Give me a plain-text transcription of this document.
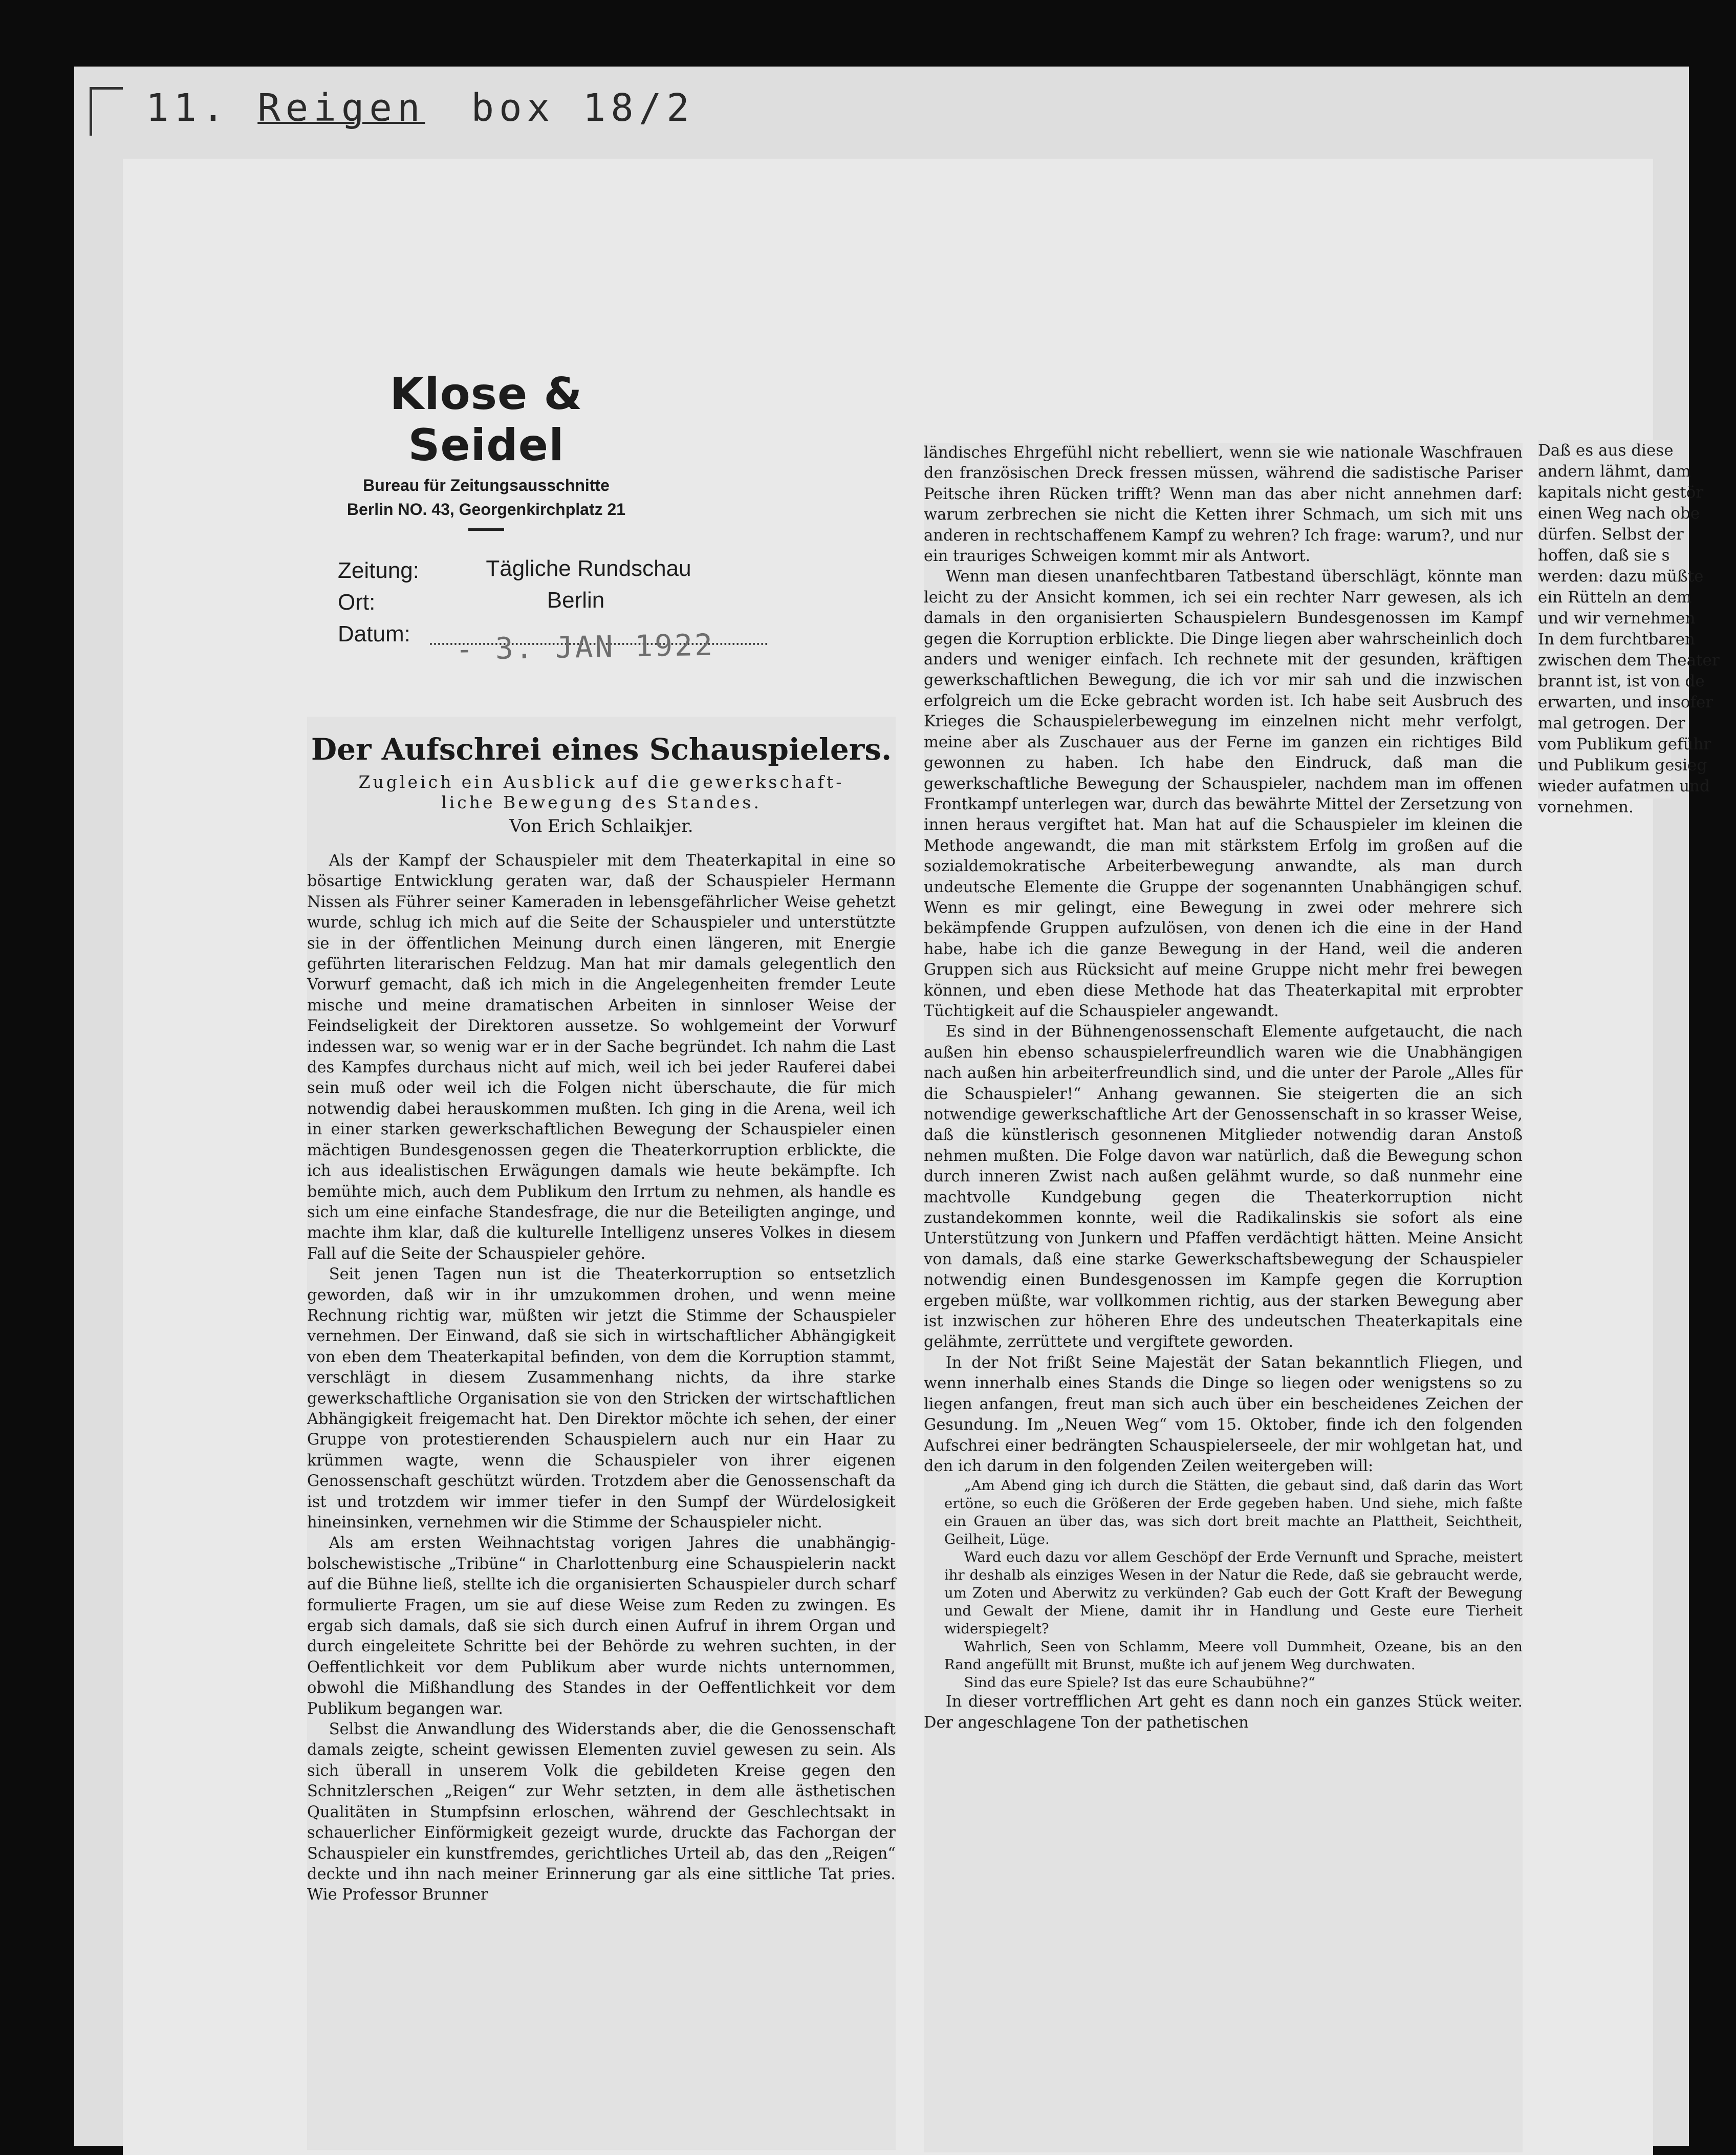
11. Reigen box 18/2
Klose & Seidel
Bureau für Zeitungsausschnitte
Berlin NO. 43, Georgenkirchplatz 21
Zeitung:	Tägliche Rundschau
Ort:	Berlin
Datum: - 3. JAN 1922
Der Aufschrei eines Schauspielers.
Zugleich ein Ausblick auf die gewerkschaft-
liche Bewegung des Standes.
Von Erich Schlaikjer.

Als der Kampf der Schauspieler mit dem Theaterkapital in eine so bösartige Entwicklung geraten war, daß der Schauspieler Hermann Nissen als Führer seiner Kameraden in lebensgefährlicher Weise gehetzt wurde, schlug ich mich auf die Seite der Schauspieler und unterstützte sie in der öffentlichen Meinung durch einen längeren, mit Energie geführten literarischen Feldzug. Man hat mir damals gelegentlich den Vorwurf gemacht, daß ich mich in die Angelegenheiten fremder Leute mische und meine dramatischen Arbeiten in sinnloser Weise der Feindseligkeit der Direktoren aussetze. So wohlgemeint der Vorwurf indessen war, so wenig war er in der Sache begründet. Ich nahm die Last des Kampfes durchaus nicht auf mich, weil ich bei jeder Rauferei dabei sein muß oder weil ich die Folgen nicht überschaute, die für mich notwendig dabei herauskommen mußten. Ich ging in die Arena, weil ich in einer starken gewerkschaftlichen Bewegung der Schauspieler einen mächtigen Bundesgenossen gegen die Theaterkorruption erblickte, die ich aus idealistischen Erwägungen damals wie heute bekämpfte. Ich bemühte mich, auch dem Publikum den Irrtum zu nehmen, als handle es sich um eine einfache Standesfrage, die nur die Beteiligten anginge, und machte ihm klar, daß die kulturelle Intelligenz unseres Volkes in diesem Fall auf die Seite der Schauspieler gehöre.

Seit jenen Tagen nun ist die Theaterkorruption so entsetzlich geworden, daß wir in ihr umzukommen drohen, und wenn meine Rechnung richtig war, müßten wir jetzt die Stimme der Schauspieler vernehmen. Der Einwand, daß sie sich in wirtschaftlicher Abhängigkeit von eben dem Theaterkapital befinden, von dem die Korruption stammt, verschlägt in diesem Zusammenhang nichts, da ihre starke gewerkschaftliche Organisation sie von den Stricken der wirtschaftlichen Abhängigkeit freigemacht hat. Den Direktor möchte ich sehen, der einer Gruppe von protestierenden Schauspielern auch nur ein Haar zu krümmen wagte, wenn die Schauspieler von ihrer eigenen Genossenschaft geschützt würden. Trotzdem aber die Genossenschaft da ist und trotzdem wir immer tiefer in den Sumpf der Würdelosigkeit hineinsinken, vernehmen wir die Stimme der Schauspieler nicht.

Als am ersten Weihnachtstag vorigen Jahres die unabhängig-bolschewistische „Tribüne“ in Charlottenburg eine Schauspielerin nackt auf die Bühne ließ, stellte ich die organisierten Schauspieler durch scharf formulierte Fragen, um sie auf diese Weise zum Reden zu zwingen. Es ergab sich damals, daß sie sich durch einen Aufruf in ihrem Organ und durch eingeleitete Schritte bei der Behörde zu wehren suchten, in der Oeffentlichkeit vor dem Publikum aber wurde nichts unternommen, obwohl die Mißhandlung des Standes in der Oeffentlichkeit vor dem Publikum begangen war.

Selbst die Anwandlung des Widerstands aber, die die Genossenschaft damals zeigte, scheint gewissen Elementen zuviel gewesen zu sein. Als sich überall in unserem Volk die gebildeten Kreise gegen den Schnitzlerschen „Reigen“ zur Wehr setzten, in dem alle ästhetischen Qualitäten in Stumpfsinn erloschen, während der Geschlechtsakt in schauerlicher Einförmigkeit gezeigt wurde, druckte das Fachorgan der Schauspieler ein kunstfremdes, gerichtliches Urteil ab, das den „Reigen“ deckte und ihn nach meiner Erinnerung gar als eine sittliche Tat pries. Wie Professor Brunner

ländisches Ehrgefühl nicht rebelliert, wenn sie wie nationale Waschfrauen den französischen Dreck fressen müssen, während die sadistische Pariser Peitsche ihren Rücken trifft? Wenn man das aber nicht annehmen darf: warum zerbrechen sie nicht die Ketten ihrer Schmach, um sich mit uns anderen in rechtschaffenem Kampf zu wehren? Ich frage: warum?, und nur ein trauriges Schweigen kommt mir als Antwort.

Wenn man diesen unanfechtbaren Tatbestand überschlägt, könnte man leicht zu der Ansicht kommen, ich sei ein rechter Narr gewesen, als ich damals in den organisierten Schauspielern Bundesgenossen im Kampf gegen die Korruption erblickte. Die Dinge liegen aber wahrscheinlich doch anders und weniger einfach. Ich rechnete mit der gesunden, kräftigen gewerkschaftlichen Bewegung, die ich vor mir sah und die inzwischen erfolgreich um die Ecke gebracht worden ist. Ich habe seit Ausbruch des Krieges die Schauspielerbewegung im einzelnen nicht mehr verfolgt, meine aber als Zuschauer aus der Ferne im ganzen ein richtiges Bild gewonnen zu haben. Ich habe den Eindruck, daß man die gewerkschaftliche Bewegung der Schauspieler, nachdem man im offenen Frontkampf unterlegen war, durch das bewährte Mittel der Zersetzung von innen heraus vergiftet hat. Man hat auf die Schauspieler im kleinen die Methode angewandt, die man mit stärkstem Erfolg im großen auf die sozialdemokratische Arbeiterbewegung anwandte, als man durch undeutsche Elemente die Gruppe der sogenannten Unabhängigen schuf. Wenn es mir gelingt, eine Bewegung in zwei oder mehrere sich bekämpfende Gruppen aufzulösen, von denen ich die eine in der Hand habe, habe ich die ganze Bewegung in der Hand, weil die anderen Gruppen sich aus Rücksicht auf meine Gruppe nicht mehr frei bewegen können, und eben diese Methode hat das Theaterkapital mit erprobter Tüchtigkeit auf die Schauspieler angewandt.

Es sind in der Bühnengenossenschaft Elemente aufgetaucht, die nach außen hin ebenso schauspielerfreundlich waren wie die Unabhängigen nach außen hin arbeiterfreundlich sind, und die unter der Parole „Alles für die Schauspieler!“ Anhang gewannen. Sie steigerten die an sich notwendige gewerkschaftliche Art der Genossenschaft in so krasser Weise, daß die künstlerisch gesonnenen Mitglieder notwendig daran Anstoß nehmen mußten. Die Folge davon war natürlich, daß die Bewegung schon durch inneren Zwist nach außen gelähmt wurde, so daß nunmehr eine machtvolle Kundgebung gegen die Theaterkorruption nicht zustandekommen konnte, weil die Radikalinskis sie sofort als eine Unterstützung von Junkern und Pfaffen verdächtigt hätten. Meine Ansicht von damals, daß eine starke Gewerkschaftsbewegung der Schauspieler notwendig einen Bundesgenossen im Kampfe gegen die Korruption ergeben müßte, war vollkommen richtig, aus der starken Bewegung aber ist inzwischen zur höheren Ehre des undeutschen Theaterkapitals eine gelähmte, zerrüttete und vergiftete geworden.

In der Not frißt Seine Majestät der Satan bekanntlich Fliegen, und wenn innerhalb eines Stands die Dinge so liegen oder wenigstens so zu liegen anfangen, freut man sich auch über ein bescheidenes Zeichen der Gesundung. Im „Neuen Weg“ vom 15. Oktober, finde ich den folgenden Aufschrei einer bedrängten Schauspielerseele, der mir wohlgetan hat, und den ich darum in den folgenden Zeilen weitergeben will:

„Am Abend ging ich durch die Stätten, die gebaut sind, daß darin das Wort ertöne, so euch die Größeren der Erde gegeben haben. Und siehe, mich faßte ein Grauen an über das, was sich dort breit machte an Plattheit, Seichtheit, Geilheit, Lüge.

Ward euch dazu vor allem Geschöpf der Erde Vernunft und Sprache, meistert ihr deshalb als einziges Wesen in der Natur die Rede, daß sie gebraucht werde, um Zoten und Aberwitz zu verkünden? Gab euch der Gott Kraft der Bewegung und Gewalt der Miene, damit ihr in Handlung und Geste eure Tierheit widerspiegelt?

Wahrlich, Seen von Schlamm, Meere voll Dummheit, Ozeane, bis an den Rand angefüllt mit Brunst, mußte ich auf jenem Weg durchwaten.

Sind das eure Spiele? Ist das eure Schaubühne?“

In dieser vortrefflichen Art geht es dann noch ein ganzes Stück weiter. Der angeschlagene Ton der pathetischen

Daß es aus diese
andern lähmt, dam
kapitals nicht gestör
einen Weg nach obe
dürfen. Selbst der
hoffen, daß sie s
werden: dazu müßte
ein Rütteln an dem
und wir vernehmen
In dem furchtbaren
zwischen dem Theater
brannt ist, ist von de
erwarten, und insofer
mal getrogen. Der
vom Publikum geführ
und Publikum gesieg
wieder aufatmen und
vornehmen.
